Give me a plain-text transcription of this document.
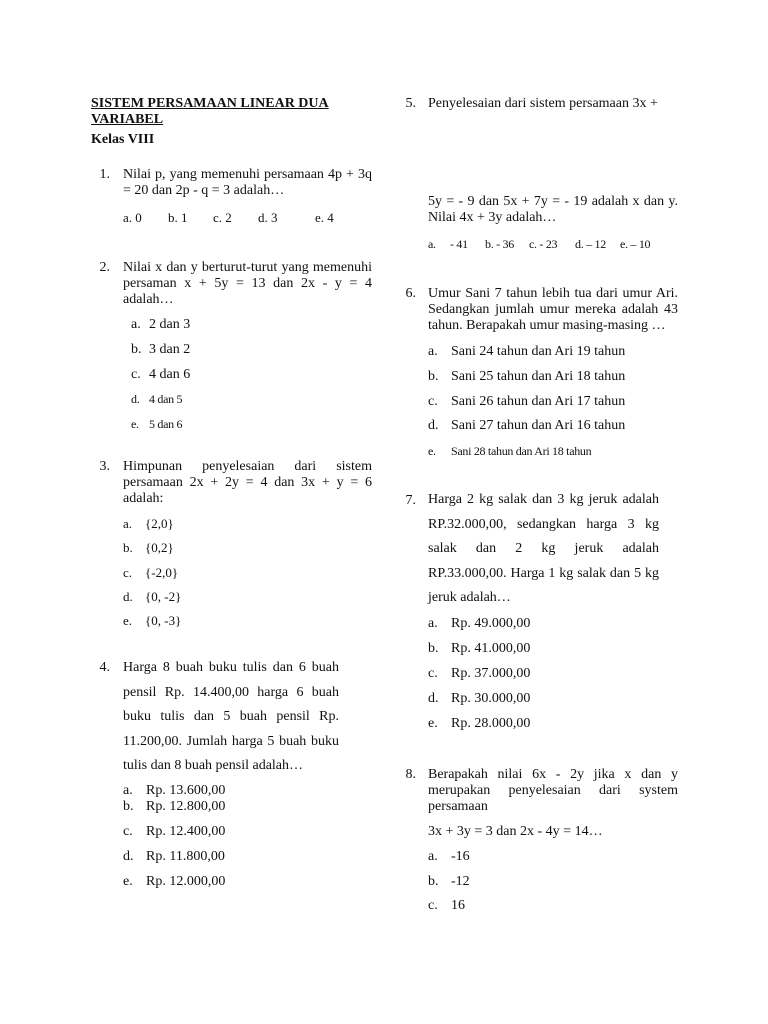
SISTEM PERSAMAAN LINEAR DUA
VARIABEL
Kelas VIII
1. Nilai p, yang memenuhi persamaan 4p + 3q = 20 dan 2p - q = 3 adalah…
a. 0 b. 1 c. 2 d. 3	e. 4
2. Nilai x dan y berturut-turut yang memenuhi persaman x + 5y = 13 dan 2x - y = 4 adalah…
a. 2 dan 3
b. 3 dan 2
c. 4 dan 6
d. 4 dan 5
e. 5 dan 6
3. Himpunan penyelesaian dari sistem persamaan 2x + 2y = 4 dan 3x + y = 6 adalah:
a. {2,0}
b. {0,2}
c. {-2,0}
d. {0, -2}
e. {0, -3}
4. Harga 8 buah buku tulis dan 6 buah pensil Rp. 14.400,00 harga 6 buah buku tulis dan 5 buah pensil Rp. 11.200,00. Jumlah harga 5 buah buku tulis dan 8 buah pensil adalah…
a. Rp. 13.600,00
b. Rp. 12.800,00
c. Rp. 12.400,00
d. Rp. 11.800,00
e. Rp. 12.000,00
5. Penyelesaian dari sistem persamaan 3x +
5y = - 9 dan 5x + 7y = - 19 adalah x dan y. Nilai 4x + 3y adalah…
a. - 41 b. - 36 c. - 23 d. – 12 e. – 10
6. Umur Sani 7 tahun lebih tua dari umur Ari. Sedangkan jumlah umur mereka adalah 43 tahun. Berapakah umur masing-masing …
a. Sani 24 tahun dan Ari 19 tahun
b. Sani 25 tahun dan Ari 18 tahun
c. Sani 26 tahun dan Ari 17 tahun
d. Sani 27 tahun dan Ari 16 tahun
e. Sani 28 tahun dan Ari 18 tahun
7. Harga 2 kg salak dan 3 kg jeruk adalah RP.32.000,00, sedangkan harga 3 kg salak dan 2 kg jeruk adalah RP.33.000,00. Harga 1 kg salak dan 5 kg jeruk adalah…
a. Rp. 49.000,00
b. Rp. 41.000,00
c. Rp. 37.000,00
d. Rp. 30.000,00
e. Rp. 28.000,00
8. Berapakah nilai 6x - 2y jika x dan y merupakan penyelesaian dari system persamaan
3x + 3y = 3 dan 2x - 4y = 14…
a. -16
b. -12
c. 16
